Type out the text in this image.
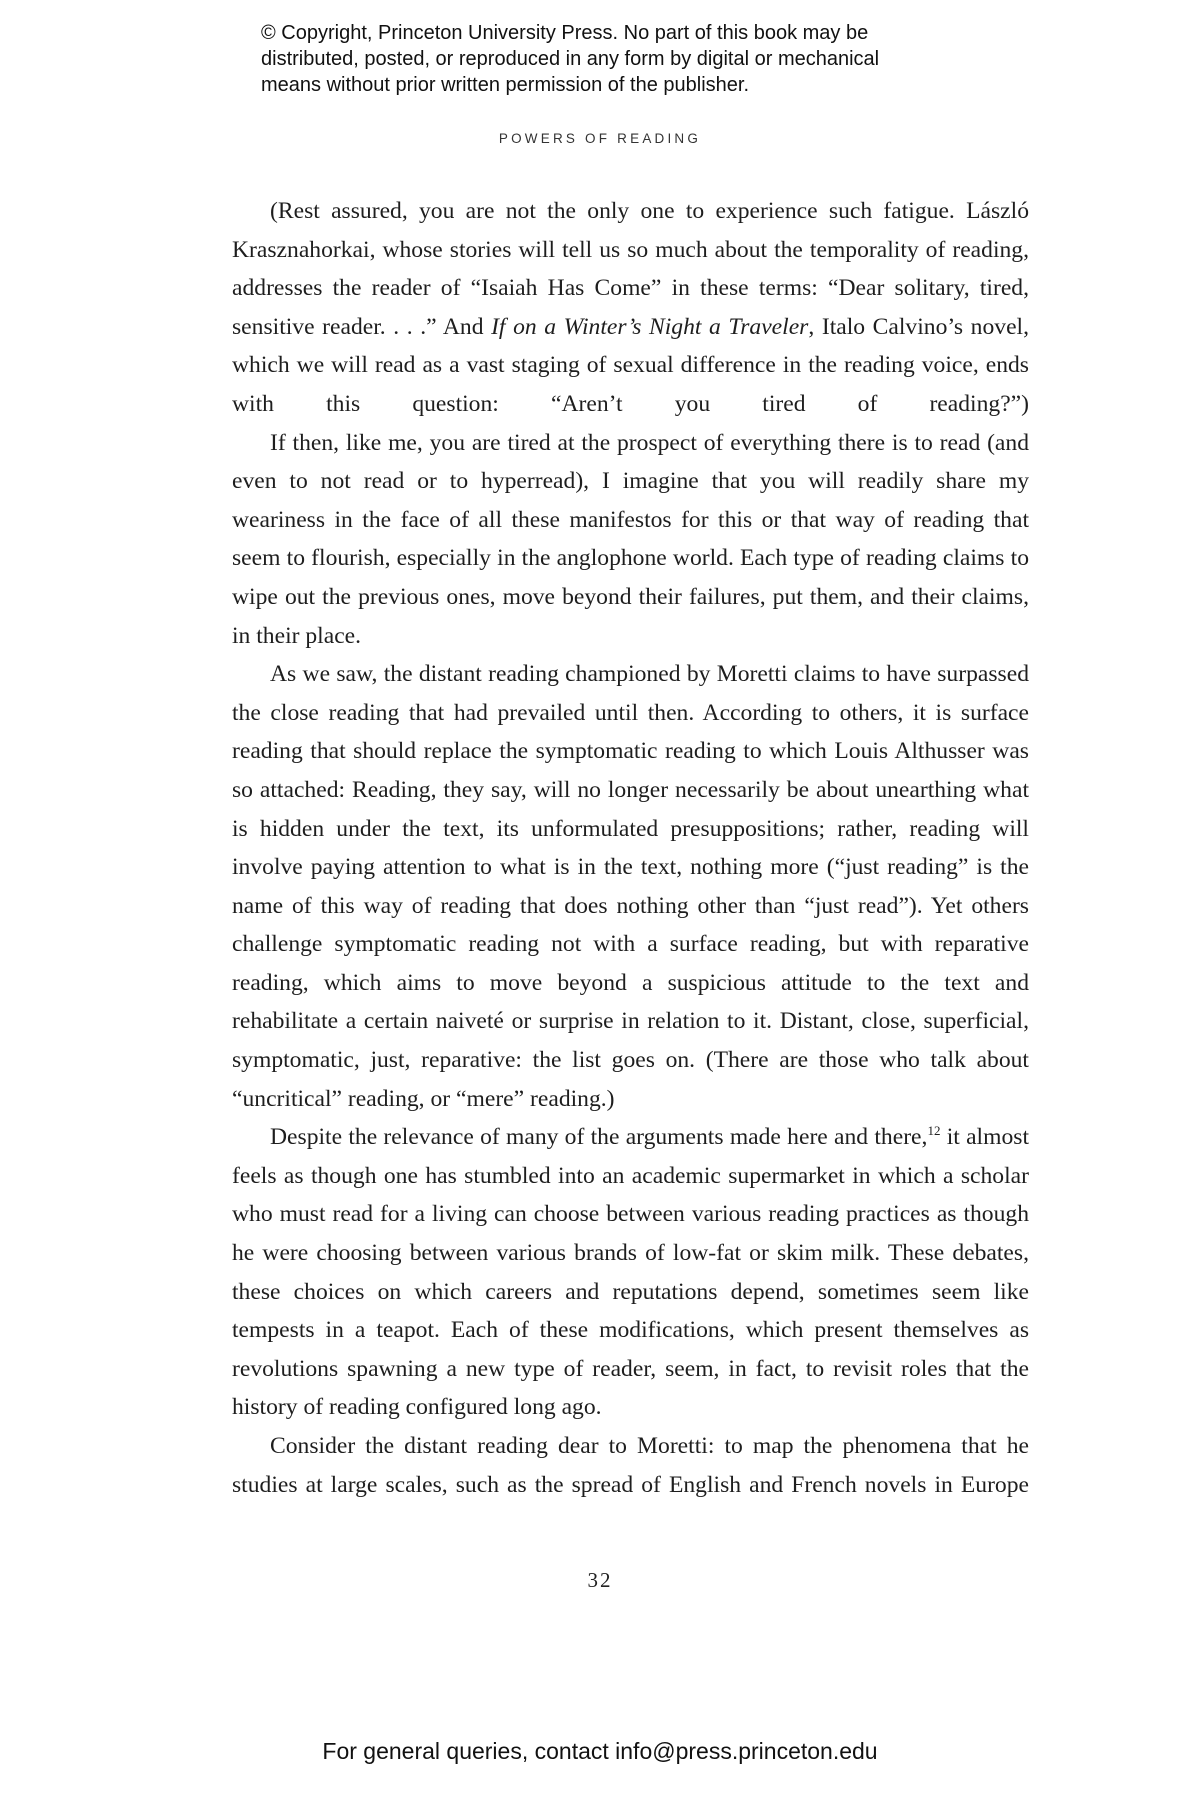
© Copyright, Princeton University Press. No part of this book may be
distributed, posted, or reproduced in any form by digital or mechanical
means without prior written permission of the publisher.
POWERS OF READING

(Rest assured, you are not the only one to experience such fatigue. László Krasznahorkai, whose stories will tell us so much about the temporality of reading, addresses the reader of “Isaiah Has Come” in these terms: “Dear solitary, tired, sensitive reader. . . .” And If on a Winter’s Night a Traveler, Italo Calvino’s novel, which we will read as a vast staging of sexual difference in the reading voice, ends with this question: “Aren’t you tired of reading?”)

If then, like me, you are tired at the prospect of everything there is to read (and even to not read or to hyperread), I imagine that you will readily share my weariness in the face of all these manifestos for this or that way of reading that seem to flourish, especially in the anglophone world. Each type of reading claims to wipe out the previous ones, move beyond their failures, put them, and their claims, in their place.

As we saw, the distant reading championed by Moretti claims to have surpassed the close reading that had prevailed until then. According to others, it is surface reading that should replace the symptomatic reading to which Louis Althusser was so attached: Reading, they say, will no longer necessarily be about unearthing what is hidden under the text, its unformulated presuppositions; rather, reading will involve paying attention to what is in the text, nothing more (“just reading” is the name of this way of reading that does nothing other than “just read”). Yet others challenge symptomatic reading not with a surface reading, but with reparative reading, which aims to move beyond a suspicious attitude to the text and rehabilitate a certain naiveté or surprise in relation to it. Distant, close, superficial, symptomatic, just, reparative: the list goes on. (There are those who talk about “uncritical” reading, or “mere” reading.)

Despite the relevance of many of the arguments made here and there,$^{12}$ it almost feels as though one has stumbled into an academic supermarket in which a scholar who must read for a living can choose between various reading practices as though he were choosing between various brands of low-fat or skim milk. These debates, these choices on which careers and reputations depend, sometimes seem like tempests in a teapot. Each of these modifications, which present themselves as revolutions spawning a new type of reader, seem, in fact, to revisit roles that the history of reading configured long ago.

Consider the distant reading dear to Moretti: to map the phenomena that he studies at large scales, such as the spread of English and French novels in Europe

32
For general queries, contact info@press.princeton.edu
